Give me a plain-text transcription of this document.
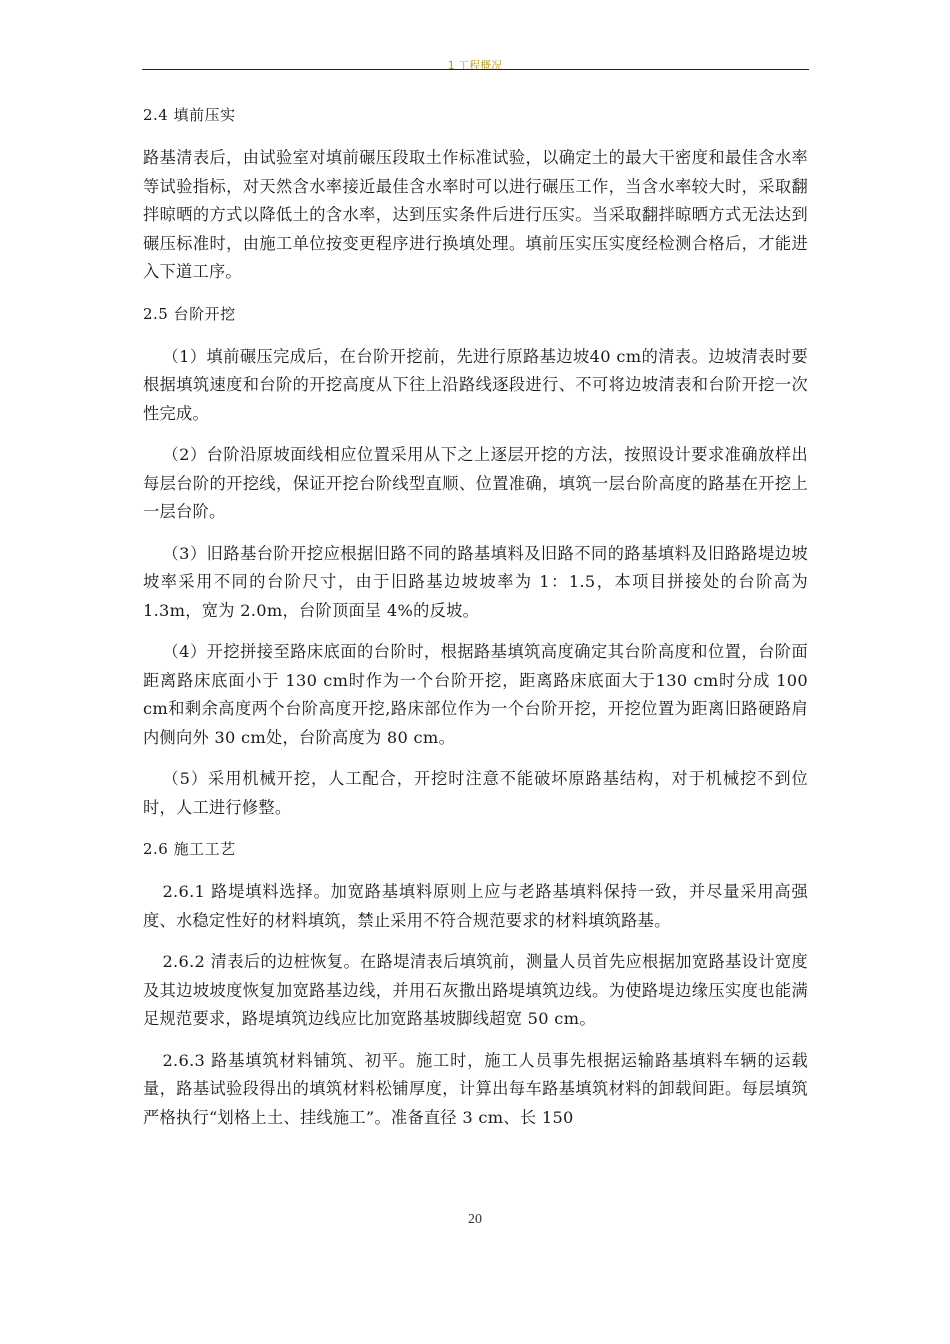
1 工程概况
2.4 填前压实

路基清表后，由试验室对填前碾压段取土作标准试验，以确定土的最大干密度和最佳含水率等试验指标，对天然含水率接近最佳含水率时可以进行碾压工作，当含水率较大时，采取翻拌晾晒的方式以降低土的含水率，达到压实条件后进行压实。当采取翻拌晾晒方式无法达到碾压标准时，由施工单位按变更程序进行换填处理。填前压实压实度经检测合格后，才能进入下道工序。

2.5 台阶开挖

（1）填前碾压完成后，在台阶开挖前，先进行原路基边坡40 cm的清表。边坡清表时要根据填筑速度和台阶的开挖高度从下往上沿路线逐段进行、不可将边坡清表和台阶开挖一次性完成。

（2）台阶沿原坡面线相应位置采用从下之上逐层开挖的方法，按照设计要求准确放样出每层台阶的开挖线，保证开挖台阶线型直顺、位置准确，填筑一层台阶高度的路基在开挖上一层台阶。

（3）旧路基台阶开挖应根据旧路不同的路基填料及旧路不同的路基填料及旧路路堤边坡坡率采用不同的台阶尺寸，由于旧路基边坡坡率为 1：1.5，本项目拼接处的台阶高为 1.3m，宽为 2.0m，台阶顶面呈 4%的反坡。

（4）开挖拼接至路床底面的台阶时，根据路基填筑高度确定其台阶高度和位置，台阶面距离路床底面小于 130 cm时作为一个台阶开挖，距离路床底面大于130 cm时分成 100 cm和剩余高度两个台阶高度开挖,路床部位作为一个台阶开挖，开挖位置为距离旧路硬路肩内侧向外 30 cm处，台阶高度为 80 cm。

（5）采用机械开挖，人工配合，开挖时注意不能破坏原路基结构，对于机械挖不到位时，人工进行修整。

2.6 施工工艺

2.6.1 路堤填料选择。加宽路基填料原则上应与老路基填料保持一致，并尽量采用高强度、水稳定性好的材料填筑，禁止采用不符合规范要求的材料填筑路基。

2.6.2 清表后的边桩恢复。在路堤清表后填筑前，测量人员首先应根据加宽路基设计宽度及其边坡坡度恢复加宽路基边线，并用石灰撒出路堤填筑边线。为使路堤边缘压实度也能满足规范要求，路堤填筑边线应比加宽路基坡脚线超宽 50 cm。

2.6.3 路基填筑材料铺筑、初平。施工时，施工人员事先根据运输路基填料车辆的运载量，路基试验段得出的填筑材料松铺厚度，计算出每车路基填筑材料的卸载间距。每层填筑严格执行“划格上土、挂线施工”。准备直径 3 cm、长 150

20
